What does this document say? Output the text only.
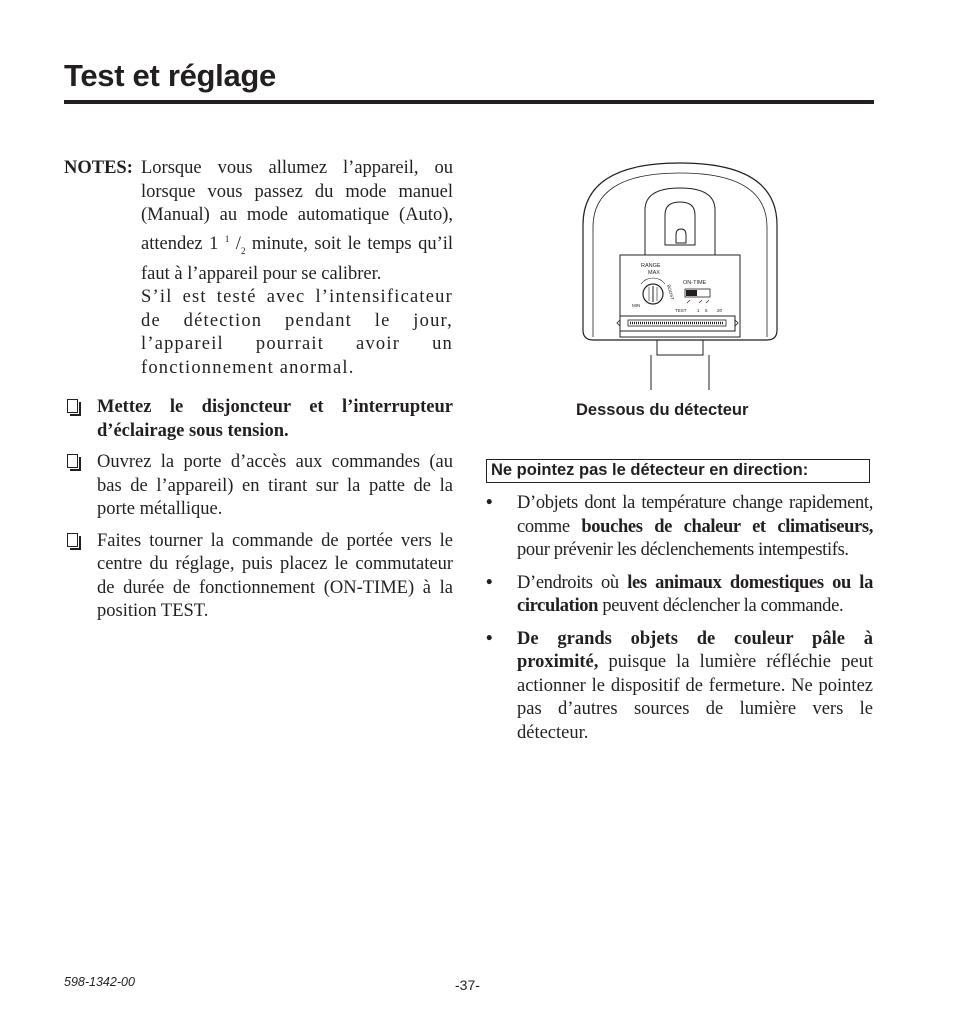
Test et réglage
NOTES: Lorsque vous allumez l’appareil, ou lorsque vous passez du mode manuel (Manual) au mode automatique (Auto), attendez 1 $^1$ $/_2$ minute, soit le temps qu’il faut à l’appareil pour se calibrer.

S’il est testé avec l’intensificateur de détection pendant le jour, l’appareil pourrait avoir un fonctionnement anormal.

Mettez le disjoncteur et l’interrupteur d’éclairage sous tension.
Ouvrez la porte d’accès aux commandes (au bas de l’appareil) en tirant sur la patte de la porte métallique.
Faites tourner la commande de portée vers le centre du réglage, puis placez le commutateur de durée de fonctionnement (ON-TIME) à la position TEST.
RANGE
MAX
MIN
BOOST
ON-TIME
TEST 1 5 20
Dessous du détecteur
Ne pointez pas le détecteur en direction:
• D’objets dont la température change rapidement, comme bouches de chaleur et climatiseurs, pour prévenir les déclenchements intempestifs.
• D’endroits où les animaux domestiques ou la circulation peuvent déclencher la commande.
• De grands objets de couleur pâle à proximité, puisque la lumière réfléchie peut actionner le dispositif de fermeture. Ne pointez pas d’autres sources de lumière vers le détecteur.
598-1342-00	-37-
